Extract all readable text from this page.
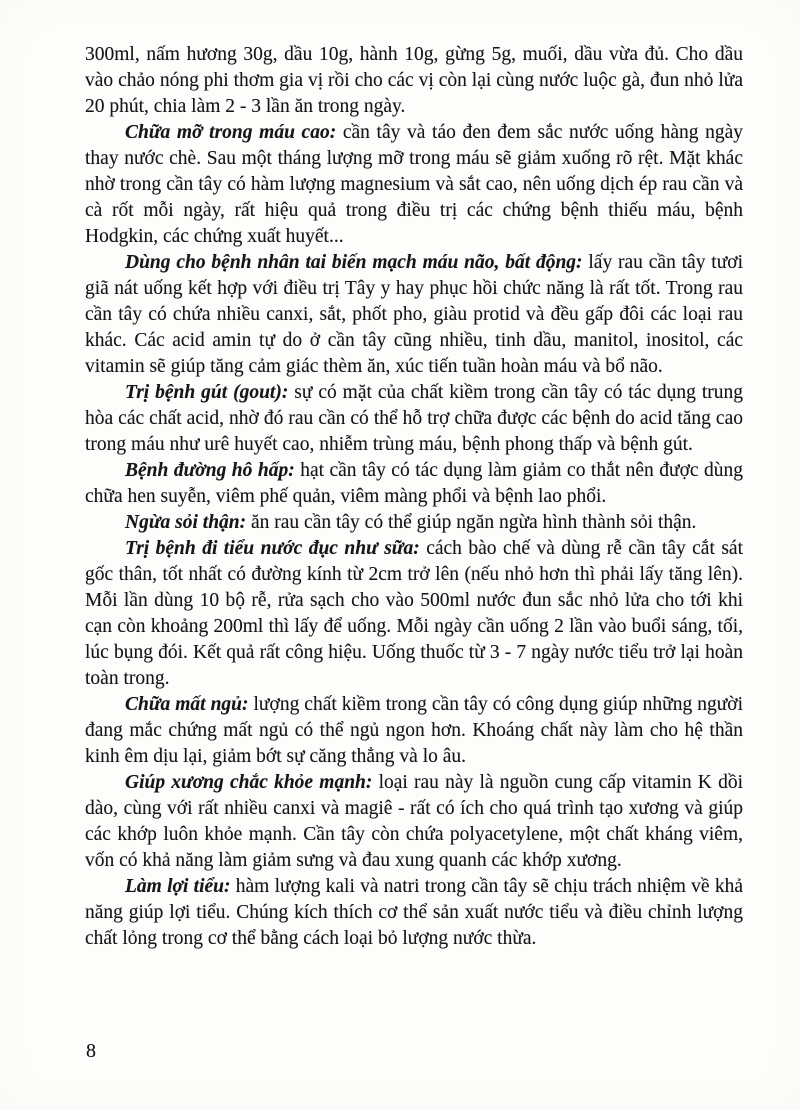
300ml, nấm hương 30g, dầu 10g, hành 10g, gừng 5g, muối, dầu vừa đủ. Cho dầu vào chảo nóng phi thơm gia vị rồi cho các vị còn lại cùng nước luộc gà, đun nhỏ lửa 20 phút, chia làm 2 - 3 lần ăn trong ngày.

Chữa mỡ trong máu cao: cần tây và táo đen đem sắc nước uống hàng ngày thay nước chè. Sau một tháng lượng mỡ trong máu sẽ giảm xuống rõ rệt. Mặt khác nhờ trong cần tây có hàm lượng magnesium và sắt cao, nên uống dịch ép rau cần và cà rốt mỗi ngày, rất hiệu quả trong điều trị các chứng bệnh thiếu máu, bệnh Hodgkin, các chứng xuất huyết...

Dùng cho bệnh nhân tai biến mạch máu não, bất động: lấy rau cần tây tươi giã nát uống kết hợp với điều trị Tây y hay phục hồi chức năng là rất tốt. Trong rau cần tây có chứa nhiều canxi, sắt, phốt pho, giàu protid và đều gấp đôi các loại rau khác. Các acid amin tự do ở cần tây cũng nhiều, tinh dầu, manitol, inositol, các vitamin sẽ giúp tăng cảm giác thèm ăn, xúc tiến tuần hoàn máu và bổ não.

Trị bệnh gút (gout): sự có mặt của chất kiềm trong cần tây có tác dụng trung hòa các chất acid, nhờ đó rau cần có thể hỗ trợ chữa được các bệnh do acid tăng cao trong máu như urê huyết cao, nhiễm trùng máu, bệnh phong thấp và bệnh gút.

Bệnh đường hô hấp: hạt cần tây có tác dụng làm giảm co thắt nên được dùng chữa hen suyễn, viêm phế quản, viêm màng phổi và bệnh lao phổi.

Ngừa sỏi thận: ăn rau cần tây có thể giúp ngăn ngừa hình thành sỏi thận.

Trị bệnh đi tiểu nước đục như sữa: cách bào chế và dùng rễ cần tây cắt sát gốc thân, tốt nhất có đường kính từ 2cm trở lên (nếu nhỏ hơn thì phải lấy tăng lên). Mỗi lần dùng 10 bộ rễ, rửa sạch cho vào 500ml nước đun sắc nhỏ lửa cho tới khi cạn còn khoảng 200ml thì lấy để uống. Mỗi ngày cần uống 2 lần vào buổi sáng, tối, lúc bụng đói. Kết quả rất công hiệu. Uống thuốc từ 3 - 7 ngày nước tiểu trở lại hoàn toàn trong.

Chữa mất ngủ: lượng chất kiềm trong cần tây có công dụng giúp những người đang mắc chứng mất ngủ có thể ngủ ngon hơn. Khoáng chất này làm cho hệ thần kinh êm dịu lại, giảm bớt sự căng thẳng và lo âu.

Giúp xương chắc khỏe mạnh: loại rau này là nguồn cung cấp vitamin K dồi dào, cùng với rất nhiều canxi và magiê - rất có ích cho quá trình tạo xương và giúp các khớp luôn khỏe mạnh. Cần tây còn chứa polyacetylene, một chất kháng viêm, vốn có khả năng làm giảm sưng và đau xung quanh các khớp xương.

Làm lợi tiểu: hàm lượng kali và natri trong cần tây sẽ chịu trách nhiệm về khả năng giúp lợi tiểu. Chúng kích thích cơ thể sản xuất nước tiểu và điều chỉnh lượng chất lỏng trong cơ thể bằng cách loại bỏ lượng nước thừa.

8
